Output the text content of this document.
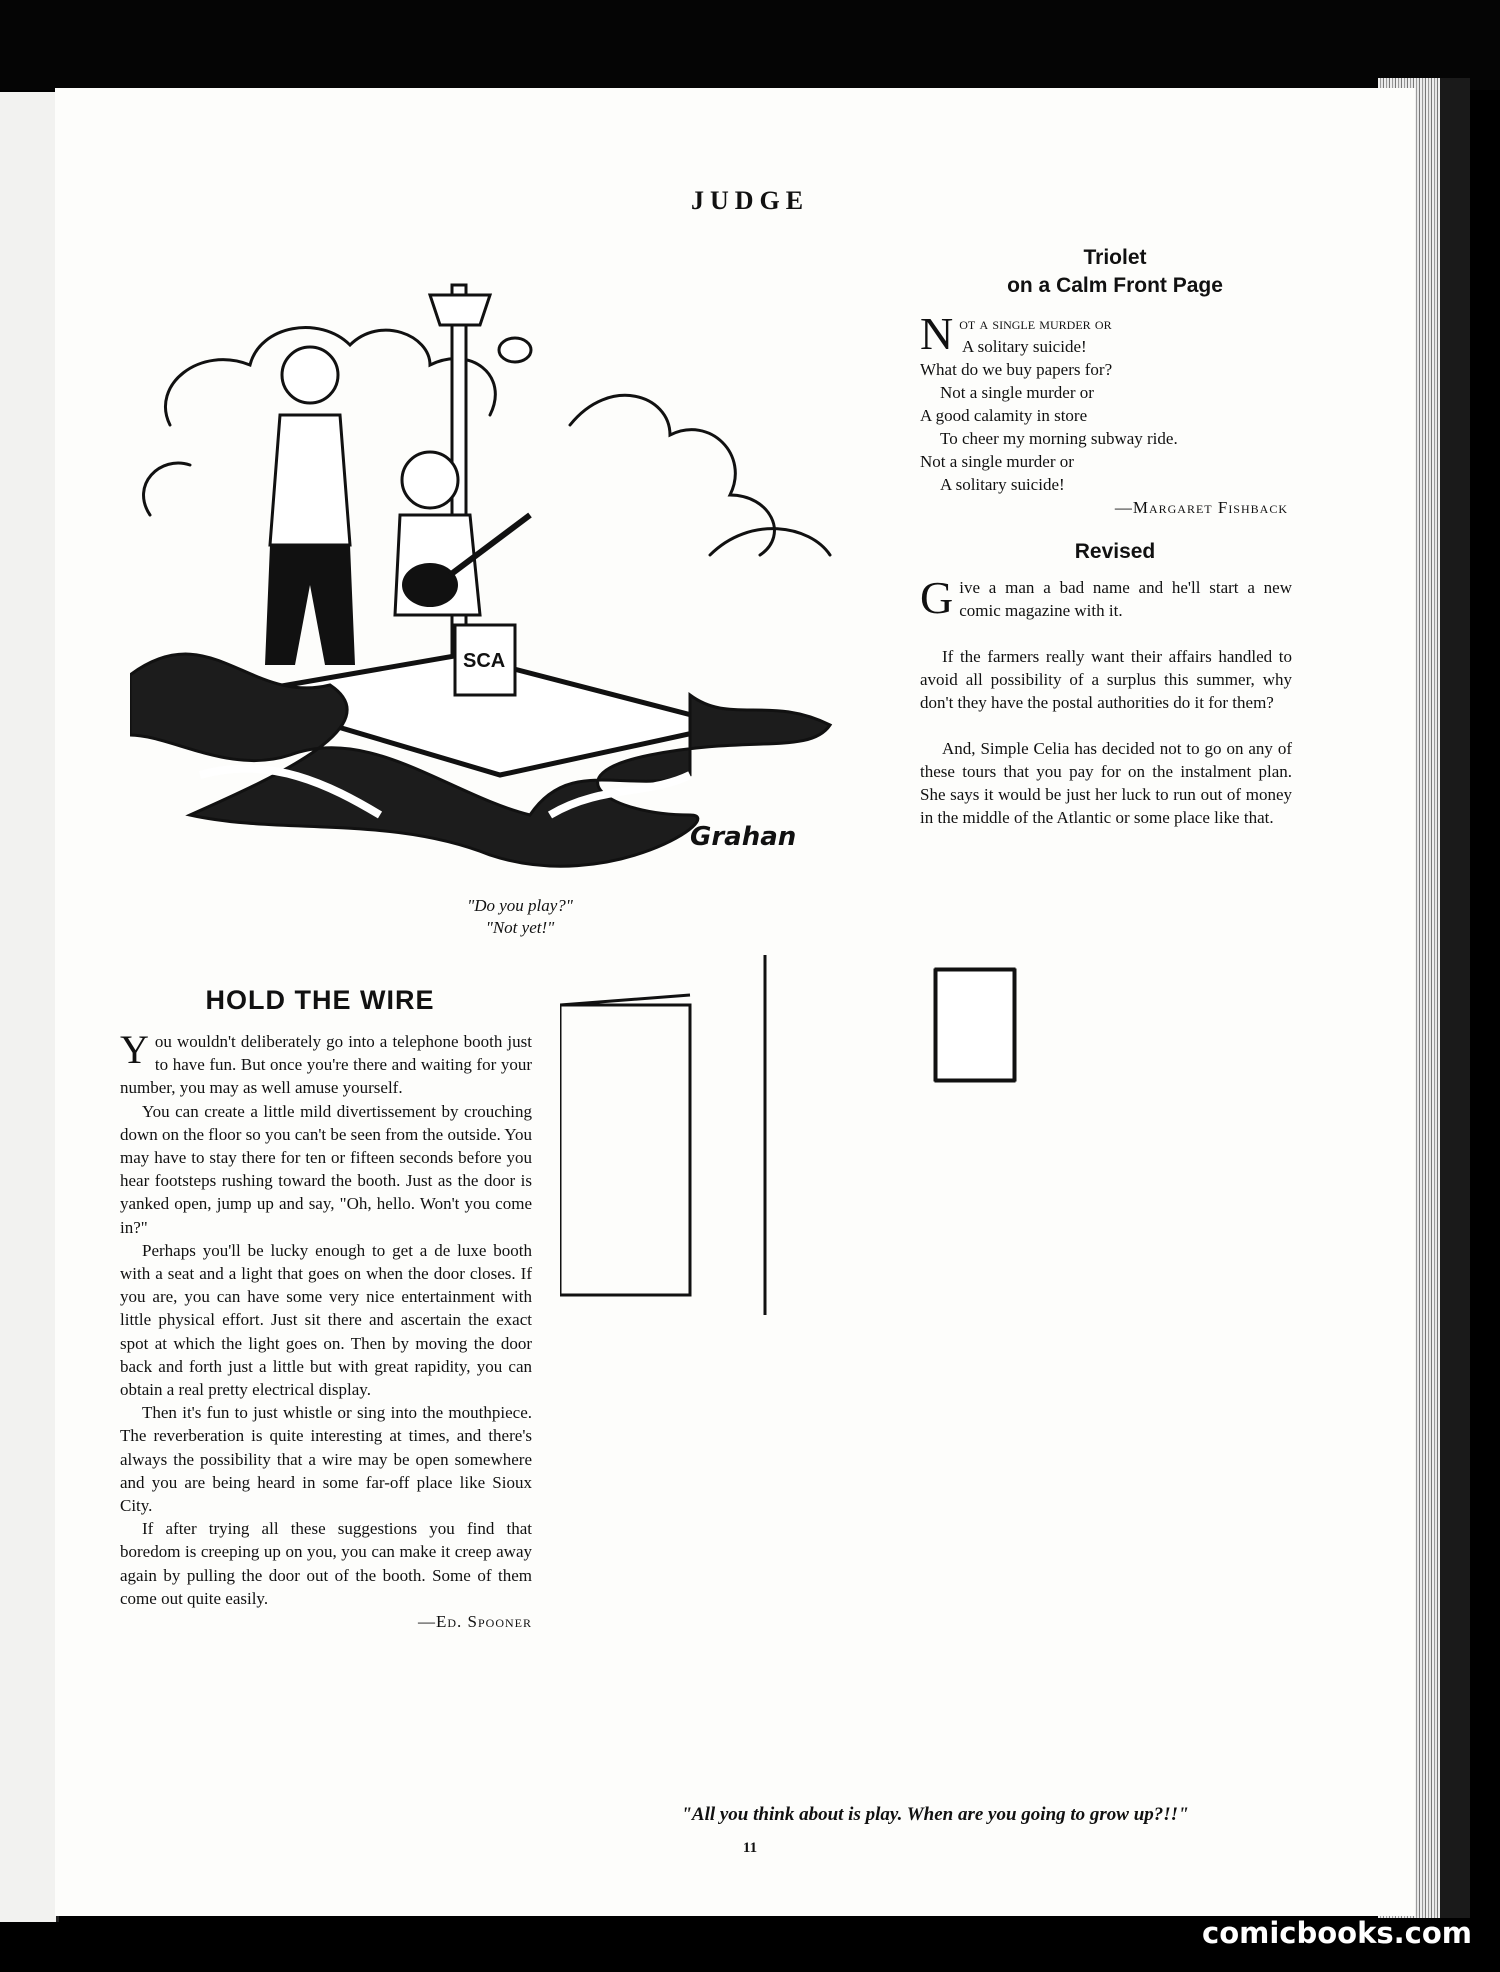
JUDGE
Triolet
on a Calm Front Page
Not a single murder or
A solitary suicide!
What do we buy papers for?
Not a single murder or
A good calamity in store
To cheer my morning subway ride.
Not a single murder or
A solitary suicide!
—Margaret Fishback
Revised

Give a man a bad name and he'll start a new comic magazine with it.

If the farmers really want their affairs handled to avoid all possibility of a surplus this summer, why don't they have the postal authorities do it for them?

And, Simple Celia has decided not to go on any of these tours that you pay for on the instalment plan. She says it would be just her luck to run out of money in the middle of the Atlantic or some place like that.

SCA
Grahan
"Do you play?"
"Not yet!"
HOLD THE WIRE

You wouldn't deliberately go into a telephone booth just to have fun. But once you're there and waiting for your number, you may as well amuse yourself.

You can create a little mild divertissement by crouching down on the floor so you can't be seen from the outside. You may have to stay there for ten or fifteen seconds before you hear footsteps rushing toward the booth. Just as the door is yanked open, jump up and say, "Oh, hello. Won't you come in?"

Perhaps you'll be lucky enough to get a de luxe booth with a seat and a light that goes on when the door closes. If you are, you can have some very nice entertainment with little physical effort. Just sit there and ascertain the exact spot at which the light goes on. Then by moving the door back and forth just a little but with great rapidity, you can obtain a real pretty electrical display.

Then it's fun to just whistle or sing into the mouthpiece. The reverberation is quite interesting at times, and there's always the possibility that a wire may be open somewhere and you are being heard in some far-off place like Sioux City.

If after trying all these suggestions you find that boredom is creeping up on you, you can make it creep away again by pulling the door out of the booth. Some of them come out quite easily.

—Ed. Spooner
"All you think about is play. When are you going to grow up?!!"
11
comicbooks.com
